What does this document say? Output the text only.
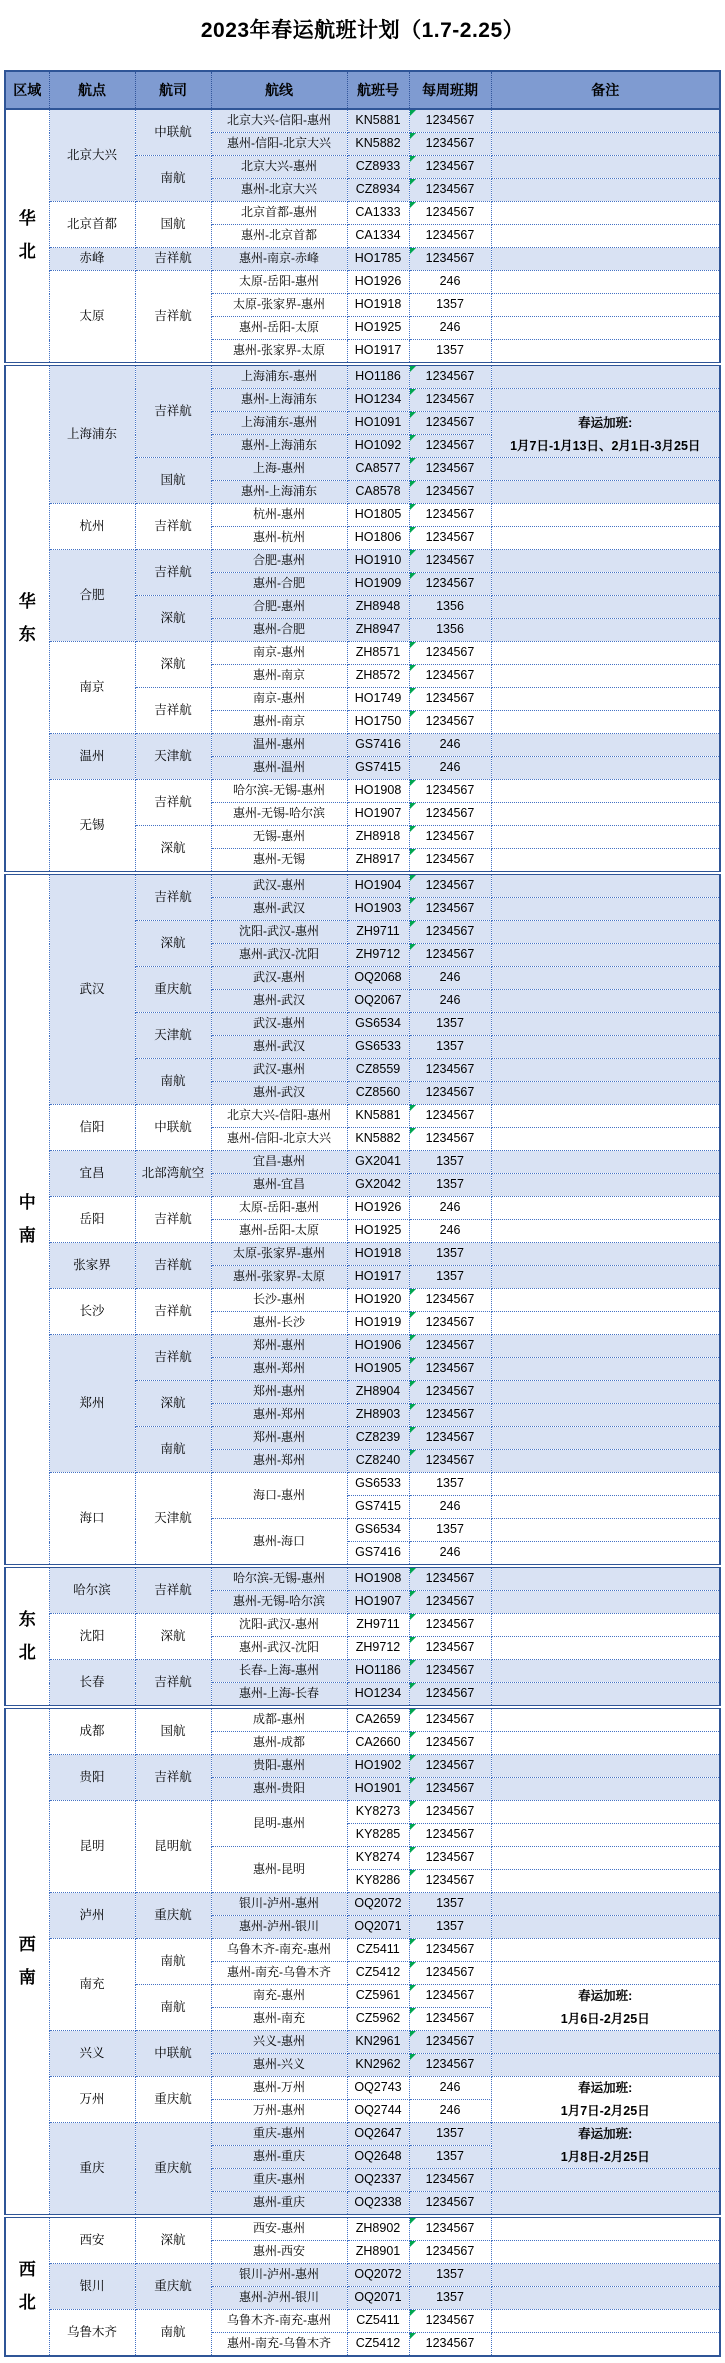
2023年春运航班计划（1.7-2.25）
区域	航点	航司	航线	航班号	每周班期	备注

华
北	北京大兴	中联航	北京大兴-信阳-惠州	KN5881	1234567

			惠州-信阳-北京大兴	KN5882	1234567

		南航	北京大兴-惠州	CZ8933	1234567

			惠州-北京大兴	CZ8934	1234567

	北京首都	国航	北京首都-惠州	CA1333	1234567

			惠州-北京首都	CA1334	1234567	
	赤峰	吉祥航	惠州-南京-赤峰	HO1785	1234567

	太原	吉祥航	太原-岳阳-惠州	HO1926	246	
			太原-张家界-惠州	HO1918	1357	
			惠州-岳阳-太原	HO1925	246	
			惠州-张家界-太原	HO1917	1357	

华
东	上海浦东	吉祥航	上海浦东-惠州	HO1186	1234567

			惠州-上海浦东	HO1234	1234567

			上海浦东-惠州	HO1091	1234567	春运加班:
1月7日-1月13日、2月1日-3月25日

			惠州-上海浦东	HO1092	1234567	

		国航	上海-惠州	CA8577	1234567

			惠州-上海浦东	CA8578	1234567

	杭州	吉祥航	杭州-惠州	HO1805	1234567

			惠州-杭州	HO1806	1234567

	合肥	吉祥航	合肥-惠州	HO1910	1234567

			惠州-合肥	HO1909	1234567

		深航	合肥-惠州	ZH8948	1356	
			惠州-合肥	ZH8947	1356	
	南京	深航	南京-惠州	ZH8571	1234567

			惠州-南京	ZH8572	1234567

		吉祥航	南京-惠州	HO1749	1234567

			惠州-南京	HO1750	1234567

	温州	天津航	温州-惠州	GS7416	246	
			惠州-温州	GS7415	246	
	无锡	吉祥航	哈尔滨-无锡-惠州	HO1908	1234567

			惠州-无锡-哈尔滨	HO1907	1234567

		深航	无锡-惠州	ZH8918	1234567

			惠州-无锡	ZH8917	1234567

中
南	武汉	吉祥航	武汉-惠州	HO1904	1234567

			惠州-武汉	HO1903	1234567

		深航	沈阳-武汉-惠州	ZH9711	1234567

			惠州-武汉-沈阳	ZH9712	1234567

		重庆航	武汉-惠州	OQ2068	246	
			惠州-武汉	OQ2067	246	
		天津航	武汉-惠州	GS6534	1357	
			惠州-武汉	GS6533	1357	
		南航	武汉-惠州	CZ8559	1234567	
			惠州-武汉	CZ8560	1234567	
	信阳	中联航	北京大兴-信阳-惠州	KN5881	1234567

			惠州-信阳-北京大兴	KN5882	1234567

	宜昌	北部湾航空	宜昌-惠州	GX2041	1357	
			惠州-宜昌	GX2042	1357	
	岳阳	吉祥航	太原-岳阳-惠州	HO1926	246	
			惠州-岳阳-太原	HO1925	246	
	张家界	吉祥航	太原-张家界-惠州	HO1918	1357	
			惠州-张家界-太原	HO1917	1357	
	长沙	吉祥航	长沙-惠州	HO1920	1234567

			惠州-长沙	HO1919	1234567

	郑州	吉祥航	郑州-惠州	HO1906	1234567

			惠州-郑州	HO1905	1234567

		深航	郑州-惠州	ZH8904	1234567

			惠州-郑州	ZH8903	1234567

		南航	郑州-惠州	CZ8239	1234567

			惠州-郑州	CZ8240	1234567

	海口	天津航	海口-惠州	GS6533	1357	
				GS7415	246	
			惠州-海口	GS6534	1357	
				GS7416	246	

东
北	哈尔滨	吉祥航	哈尔滨-无锡-惠州	HO1908	1234567

			惠州-无锡-哈尔滨	HO1907	1234567

	沈阳	深航	沈阳-武汉-惠州	ZH9711	1234567

			惠州-武汉-沈阳	ZH9712	1234567

	长春	吉祥航	长春-上海-惠州	HO1186	1234567

			惠州-上海-长春	HO1234	1234567

西
南	成都	国航	成都-惠州	CA2659	1234567

			惠州-成都	CA2660	1234567

	贵阳	吉祥航	贵阳-惠州	HO1902	1234567

			惠州-贵阳	HO1901	1234567

	昆明	昆明航	昆明-惠州	KY8273	1234567

				KY8285	1234567

			惠州-昆明	KY8274	1234567

				KY8286	1234567

	泸州	重庆航	银川-泸州-惠州	OQ2072	1357	
			惠州-泸州-银川	OQ2071	1357	
	南充	南航	乌鲁木齐-南充-惠州	CZ5411	1234567

			惠州-南充-乌鲁木齐	CZ5412	1234567

		南航	南充-惠州	CZ5961	1234567	春运加班:
1月6日-2月25日

			惠州-南充	CZ5962	1234567	

	兴义	中联航	兴义-惠州	KN2961	1234567

			惠州-兴义	KN2962	1234567

	万州	重庆航	惠州-万州	OQ2743	246	春运加班:
1月7日-2月25日

			万州-惠州	OQ2744	246	
	重庆	重庆航	重庆-惠州	OQ2647	1357	春运加班:
1月8日-2月25日

			惠州-重庆	OQ2648	1357	
			重庆-惠州	OQ2337	1234567	
			惠州-重庆	OQ2338	1234567	

西
北	西安	深航	西安-惠州	ZH8902	1234567

			惠州-西安	ZH8901	1234567

	银川	重庆航	银川-泸州-惠州	OQ2072	1357	
			惠州-泸州-银川	OQ2071	1357	
	乌鲁木齐	南航	乌鲁木齐-南充-惠州	CZ5411	1234567

			惠州-南充-乌鲁木齐	CZ5412	1234567
